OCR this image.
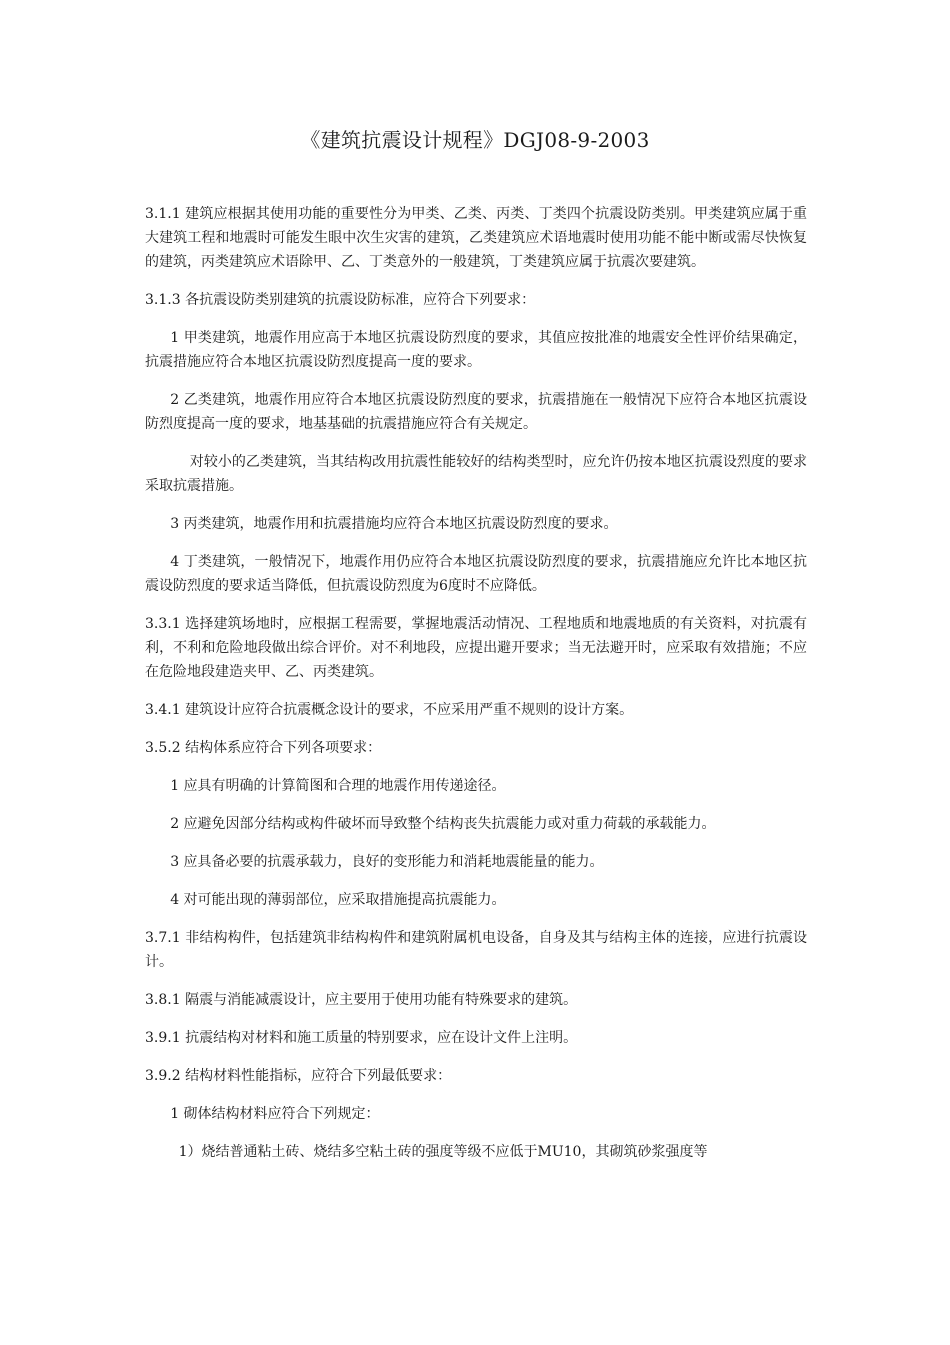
《建筑抗震设计规程》DGJ08-9-2003

3.1.1 建筑应根据其使用功能的重要性分为甲类、乙类、丙类、丁类四个抗震设防类别。甲类建筑应属于重大建筑工程和地震时可能发生眼中次生灾害的建筑，乙类建筑应术语地震时使用功能不能中断或需尽快恢复的建筑，丙类建筑应术语除甲、乙、丁类意外的一般建筑，丁类建筑应属于抗震次要建筑。

3.1.3 各抗震设防类别建筑的抗震设防标准，应符合下列要求：

1 甲类建筑，地震作用应高于本地区抗震设防烈度的要求，其值应按批准的地震安全性评价结果确定，抗震措施应符合本地区抗震设防烈度提高一度的要求。

2 乙类建筑，地震作用应符合本地区抗震设防烈度的要求，抗震措施在一般情况下应符合本地区抗震设防烈度提高一度的要求，地基基础的抗震措施应符合有关规定。

对较小的乙类建筑，当其结构改用抗震性能较好的结构类型时，应允许仍按本地区抗震设烈度的要求采取抗震措施。

3 丙类建筑，地震作用和抗震措施均应符合本地区抗震设防烈度的要求。

4 丁类建筑，一般情况下，地震作用仍应符合本地区抗震设防烈度的要求，抗震措施应允许比本地区抗震设防烈度的要求适当降低，但抗震设防烈度为6度时不应降低。

3.3.1 选择建筑场地时，应根据工程需要，掌握地震活动情况、工程地质和地震地质的有关资料，对抗震有利，不利和危险地段做出综合评价。对不利地段，应提出避开要求；当无法避开时，应采取有效措施；不应在危险地段建造夹甲、乙、丙类建筑。

3.4.1 建筑设计应符合抗震概念设计的要求，不应采用严重不规则的设计方案。

3.5.2 结构体系应符合下列各项要求：

1 应具有明确的计算简图和合理的地震作用传递途径。

2 应避免因部分结构或构件破坏而导致整个结构丧失抗震能力或对重力荷载的承载能力。

3 应具备必要的抗震承载力，良好的变形能力和消耗地震能量的能力。

4 对可能出现的薄弱部位，应采取措施提高抗震能力。

3.7.1 非结构构件，包括建筑非结构构件和建筑附属机电设备，自身及其与结构主体的连接，应进行抗震设计。

3.8.1 隔震与消能减震设计，应主要用于使用功能有特殊要求的建筑。

3.9.1 抗震结构对材料和施工质量的特别要求，应在设计文件上注明。

3.9.2 结构材料性能指标，应符合下列最低要求：

1 砌体结构材料应符合下列规定：

1）烧结普通粘土砖、烧结多空粘土砖的强度等级不应低于MU10，其砌筑砂浆强度等
